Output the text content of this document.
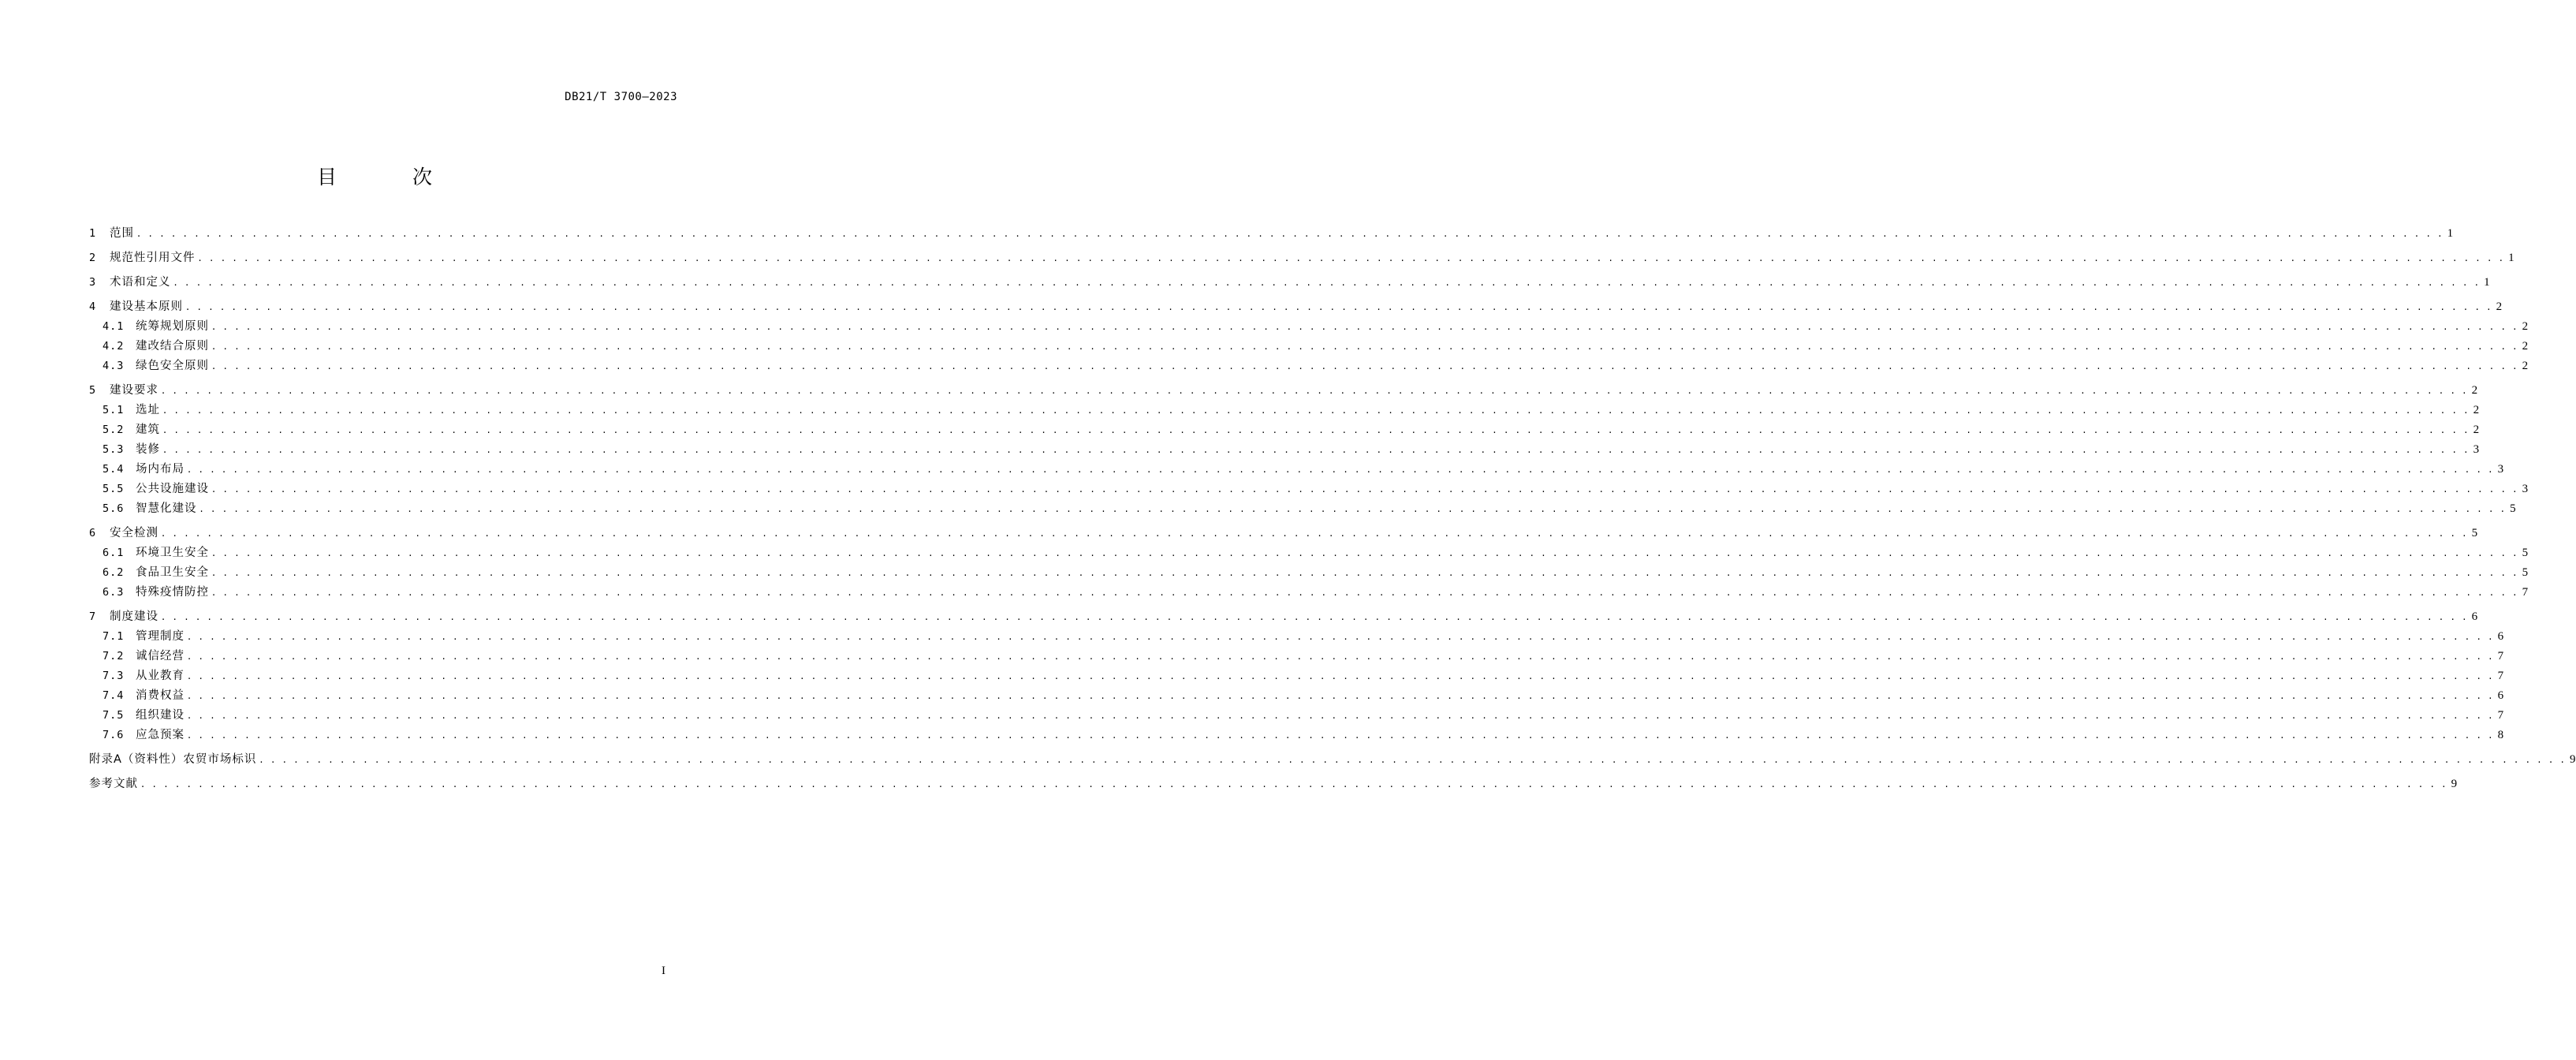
DB21/T 3700—2023
目 次
1	范围 . . . . . . . . . . . . . . . . . . . . . . . . . . . . . . . . . . . . . . . . . . . . . . . . . . . . . . . . . . . . . . . . . . . . . . . . . . . . . . . . . . . . . . . . . . . . . . . . . . . . . . . . . . . . . . . . . . . . . . . . . . . . . . . . . . . . . . . . . . . . . . . . . . . . . . . . . . . . . . . . . . . . . . . . . . . . . . . . . . . . . . . . . . . . . . . . . . . . . . . . 1
2	规范性引用文件 . . . . . . . . . . . . . . . . . . . . . . . . . . . . . . . . . . . . . . . . . . . . . . . . . . . . . . . . . . . . . . . . . . . . . . . . . . . . . . . . . . . . . . . . . . . . . . . . . . . . . . . . . . . . . . . . . . . . . . . . . . . . . . . . . . . . . . . . . . . . . . . . . . . . . . . . . . . . . . . . . . . . . . . . . . . . . . . . . . . . . . . . . . . . . . . . . . . . . . . . 1
3	术语和定义 . . . . . . . . . . . . . . . . . . . . . . . . . . . . . . . . . . . . . . . . . . . . . . . . . . . . . . . . . . . . . . . . . . . . . . . . . . . . . . . . . . . . . . . . . . . . . . . . . . . . . . . . . . . . . . . . . . . . . . . . . . . . . . . . . . . . . . . . . . . . . . . . . . . . . . . . . . . . . . . . . . . . . . . . . . . . . . . . . . . . . . . . . . . . . . . . . . . . . . . . 1
4	建设基本原则 . . . . . . . . . . . . . . . . . . . . . . . . . . . . . . . . . . . . . . . . . . . . . . . . . . . . . . . . . . . . . . . . . . . . . . . . . . . . . . . . . . . . . . . . . . . . . . . . . . . . . . . . . . . . . . . . . . . . . . . . . . . . . . . . . . . . . . . . . . . . . . . . . . . . . . . . . . . . . . . . . . . . . . . . . . . . . . . . . . . . . . . . . . . . . . . . . . . . . . . . 2
4.1	统筹规划原则 . . . . . . . . . . . . . . . . . . . . . . . . . . . . . . . . . . . . . . . . . . . . . . . . . . . . . . . . . . . . . . . . . . . . . . . . . . . . . . . . . . . . . . . . . . . . . . . . . . . . . . . . . . . . . . . . . . . . . . . . . . . . . . . . . . . . . . . . . . . . . . . . . . . . . . . . . . . . . . . . . . . . . . . . . . . . . . . . . . . . . . . . . . . . . . . . . . . . . . . . 2
4.2	建改结合原则 . . . . . . . . . . . . . . . . . . . . . . . . . . . . . . . . . . . . . . . . . . . . . . . . . . . . . . . . . . . . . . . . . . . . . . . . . . . . . . . . . . . . . . . . . . . . . . . . . . . . . . . . . . . . . . . . . . . . . . . . . . . . . . . . . . . . . . . . . . . . . . . . . . . . . . . . . . . . . . . . . . . . . . . . . . . . . . . . . . . . . . . . . . . . . . . . . . . . . . . . 2
4.3	绿色安全原则 . . . . . . . . . . . . . . . . . . . . . . . . . . . . . . . . . . . . . . . . . . . . . . . . . . . . . . . . . . . . . . . . . . . . . . . . . . . . . . . . . . . . . . . . . . . . . . . . . . . . . . . . . . . . . . . . . . . . . . . . . . . . . . . . . . . . . . . . . . . . . . . . . . . . . . . . . . . . . . . . . . . . . . . . . . . . . . . . . . . . . . . . . . . . . . . . . . . . . . . . 2
5	建设要求 . . . . . . . . . . . . . . . . . . . . . . . . . . . . . . . . . . . . . . . . . . . . . . . . . . . . . . . . . . . . . . . . . . . . . . . . . . . . . . . . . . . . . . . . . . . . . . . . . . . . . . . . . . . . . . . . . . . . . . . . . . . . . . . . . . . . . . . . . . . . . . . . . . . . . . . . . . . . . . . . . . . . . . . . . . . . . . . . . . . . . . . . . . . . . . . . . . . . . . . . 2
5.1	选址 . . . . . . . . . . . . . . . . . . . . . . . . . . . . . . . . . . . . . . . . . . . . . . . . . . . . . . . . . . . . . . . . . . . . . . . . . . . . . . . . . . . . . . . . . . . . . . . . . . . . . . . . . . . . . . . . . . . . . . . . . . . . . . . . . . . . . . . . . . . . . . . . . . . . . . . . . . . . . . . . . . . . . . . . . . . . . . . . . . . . . . . . . . . . . . . . . . . . . . . . 2
5.2	建筑 . . . . . . . . . . . . . . . . . . . . . . . . . . . . . . . . . . . . . . . . . . . . . . . . . . . . . . . . . . . . . . . . . . . . . . . . . . . . . . . . . . . . . . . . . . . . . . . . . . . . . . . . . . . . . . . . . . . . . . . . . . . . . . . . . . . . . . . . . . . . . . . . . . . . . . . . . . . . . . . . . . . . . . . . . . . . . . . . . . . . . . . . . . . . . . . . . . . . . . . . 2
5.3	装修 . . . . . . . . . . . . . . . . . . . . . . . . . . . . . . . . . . . . . . . . . . . . . . . . . . . . . . . . . . . . . . . . . . . . . . . . . . . . . . . . . . . . . . . . . . . . . . . . . . . . . . . . . . . . . . . . . . . . . . . . . . . . . . . . . . . . . . . . . . . . . . . . . . . . . . . . . . . . . . . . . . . . . . . . . . . . . . . . . . . . . . . . . . . . . . . . . . . . . . . . 3
5.4	场内布局 . . . . . . . . . . . . . . . . . . . . . . . . . . . . . . . . . . . . . . . . . . . . . . . . . . . . . . . . . . . . . . . . . . . . . . . . . . . . . . . . . . . . . . . . . . . . . . . . . . . . . . . . . . . . . . . . . . . . . . . . . . . . . . . . . . . . . . . . . . . . . . . . . . . . . . . . . . . . . . . . . . . . . . . . . . . . . . . . . . . . . . . . . . . . . . . . . . . . . . . . 3
5.5	公共设施建设 . . . . . . . . . . . . . . . . . . . . . . . . . . . . . . . . . . . . . . . . . . . . . . . . . . . . . . . . . . . . . . . . . . . . . . . . . . . . . . . . . . . . . . . . . . . . . . . . . . . . . . . . . . . . . . . . . . . . . . . . . . . . . . . . . . . . . . . . . . . . . . . . . . . . . . . . . . . . . . . . . . . . . . . . . . . . . . . . . . . . . . . . . . . . . . . . . . . . . . . . 3
5.6	智慧化建设 . . . . . . . . . . . . . . . . . . . . . . . . . . . . . . . . . . . . . . . . . . . . . . . . . . . . . . . . . . . . . . . . . . . . . . . . . . . . . . . . . . . . . . . . . . . . . . . . . . . . . . . . . . . . . . . . . . . . . . . . . . . . . . . . . . . . . . . . . . . . . . . . . . . . . . . . . . . . . . . . . . . . . . . . . . . . . . . . . . . . . . . . . . . . . . . . . . . . . . . . 5
6	安全检测 . . . . . . . . . . . . . . . . . . . . . . . . . . . . . . . . . . . . . . . . . . . . . . . . . . . . . . . . . . . . . . . . . . . . . . . . . . . . . . . . . . . . . . . . . . . . . . . . . . . . . . . . . . . . . . . . . . . . . . . . . . . . . . . . . . . . . . . . . . . . . . . . . . . . . . . . . . . . . . . . . . . . . . . . . . . . . . . . . . . . . . . . . . . . . . . . . . . . . . . . 5
6.1	环境卫生安全 . . . . . . . . . . . . . . . . . . . . . . . . . . . . . . . . . . . . . . . . . . . . . . . . . . . . . . . . . . . . . . . . . . . . . . . . . . . . . . . . . . . . . . . . . . . . . . . . . . . . . . . . . . . . . . . . . . . . . . . . . . . . . . . . . . . . . . . . . . . . . . . . . . . . . . . . . . . . . . . . . . . . . . . . . . . . . . . . . . . . . . . . . . . . . . . . . . . . . . . . 5
6.2	食品卫生安全 . . . . . . . . . . . . . . . . . . . . . . . . . . . . . . . . . . . . . . . . . . . . . . . . . . . . . . . . . . . . . . . . . . . . . . . . . . . . . . . . . . . . . . . . . . . . . . . . . . . . . . . . . . . . . . . . . . . . . . . . . . . . . . . . . . . . . . . . . . . . . . . . . . . . . . . . . . . . . . . . . . . . . . . . . . . . . . . . . . . . . . . . . . . . . . . . . . . . . . . . 5
6.3	特殊疫情防控 . . . . . . . . . . . . . . . . . . . . . . . . . . . . . . . . . . . . . . . . . . . . . . . . . . . . . . . . . . . . . . . . . . . . . . . . . . . . . . . . . . . . . . . . . . . . . . . . . . . . . . . . . . . . . . . . . . . . . . . . . . . . . . . . . . . . . . . . . . . . . . . . . . . . . . . . . . . . . . . . . . . . . . . . . . . . . . . . . . . . . . . . . . . . . . . . . . . . . . . . 7
7	制度建设 . . . . . . . . . . . . . . . . . . . . . . . . . . . . . . . . . . . . . . . . . . . . . . . . . . . . . . . . . . . . . . . . . . . . . . . . . . . . . . . . . . . . . . . . . . . . . . . . . . . . . . . . . . . . . . . . . . . . . . . . . . . . . . . . . . . . . . . . . . . . . . . . . . . . . . . . . . . . . . . . . . . . . . . . . . . . . . . . . . . . . . . . . . . . . . . . . . . . . . . . 6
7.1	管理制度 . . . . . . . . . . . . . . . . . . . . . . . . . . . . . . . . . . . . . . . . . . . . . . . . . . . . . . . . . . . . . . . . . . . . . . . . . . . . . . . . . . . . . . . . . . . . . . . . . . . . . . . . . . . . . . . . . . . . . . . . . . . . . . . . . . . . . . . . . . . . . . . . . . . . . . . . . . . . . . . . . . . . . . . . . . . . . . . . . . . . . . . . . . . . . . . . . . . . . . . . 6
7.2	诚信经营 . . . . . . . . . . . . . . . . . . . . . . . . . . . . . . . . . . . . . . . . . . . . . . . . . . . . . . . . . . . . . . . . . . . . . . . . . . . . . . . . . . . . . . . . . . . . . . . . . . . . . . . . . . . . . . . . . . . . . . . . . . . . . . . . . . . . . . . . . . . . . . . . . . . . . . . . . . . . . . . . . . . . . . . . . . . . . . . . . . . . . . . . . . . . . . . . . . . . . . . . 7
7.3	从业教育 . . . . . . . . . . . . . . . . . . . . . . . . . . . . . . . . . . . . . . . . . . . . . . . . . . . . . . . . . . . . . . . . . . . . . . . . . . . . . . . . . . . . . . . . . . . . . . . . . . . . . . . . . . . . . . . . . . . . . . . . . . . . . . . . . . . . . . . . . . . . . . . . . . . . . . . . . . . . . . . . . . . . . . . . . . . . . . . . . . . . . . . . . . . . . . . . . . . . . . . . 7
7.4	消费权益 . . . . . . . . . . . . . . . . . . . . . . . . . . . . . . . . . . . . . . . . . . . . . . . . . . . . . . . . . . . . . . . . . . . . . . . . . . . . . . . . . . . . . . . . . . . . . . . . . . . . . . . . . . . . . . . . . . . . . . . . . . . . . . . . . . . . . . . . . . . . . . . . . . . . . . . . . . . . . . . . . . . . . . . . . . . . . . . . . . . . . . . . . . . . . . . . . . . . . . . . 6
7.5	组织建设 . . . . . . . . . . . . . . . . . . . . . . . . . . . . . . . . . . . . . . . . . . . . . . . . . . . . . . . . . . . . . . . . . . . . . . . . . . . . . . . . . . . . . . . . . . . . . . . . . . . . . . . . . . . . . . . . . . . . . . . . . . . . . . . . . . . . . . . . . . . . . . . . . . . . . . . . . . . . . . . . . . . . . . . . . . . . . . . . . . . . . . . . . . . . . . . . . . . . . . . . 7
7.6	应急预案 . . . . . . . . . . . . . . . . . . . . . . . . . . . . . . . . . . . . . . . . . . . . . . . . . . . . . . . . . . . . . . . . . . . . . . . . . . . . . . . . . . . . . . . . . . . . . . . . . . . . . . . . . . . . . . . . . . . . . . . . . . . . . . . . . . . . . . . . . . . . . . . . . . . . . . . . . . . . . . . . . . . . . . . . . . . . . . . . . . . . . . . . . . . . . . . . . . . . . . . . 8
附录A（资料性）农贸市场标识 . . . . . . . . . . . . . . . . . . . . . . . . . . . . . . . . . . . . . . . . . . . . . . . . . . . . . . . . . . . . . . . . . . . . . . . . . . . . . . . . . . . . . . . . . . . . . . . . . . . . . . . . . . . . . . . . . . . . . . . . . . . . . . . . . . . . . . . . . . . . . . . . . . . . . . . . . . . . . . . . . . . . . . . . . . . . . . . . . . . . . . . . . . . . . . . . . . . . . . . . 9
参考文献 . . . . . . . . . . . . . . . . . . . . . . . . . . . . . . . . . . . . . . . . . . . . . . . . . . . . . . . . . . . . . . . . . . . . . . . . . . . . . . . . . . . . . . . . . . . . . . . . . . . . . . . . . . . . . . . . . . . . . . . . . . . . . . . . . . . . . . . . . . . . . . . . . . . . . . . . . . . . . . . . . . . . . . . . . . . . . . . . . . . . . . . . . . . . . . . . . . . . . . . . 9
I
